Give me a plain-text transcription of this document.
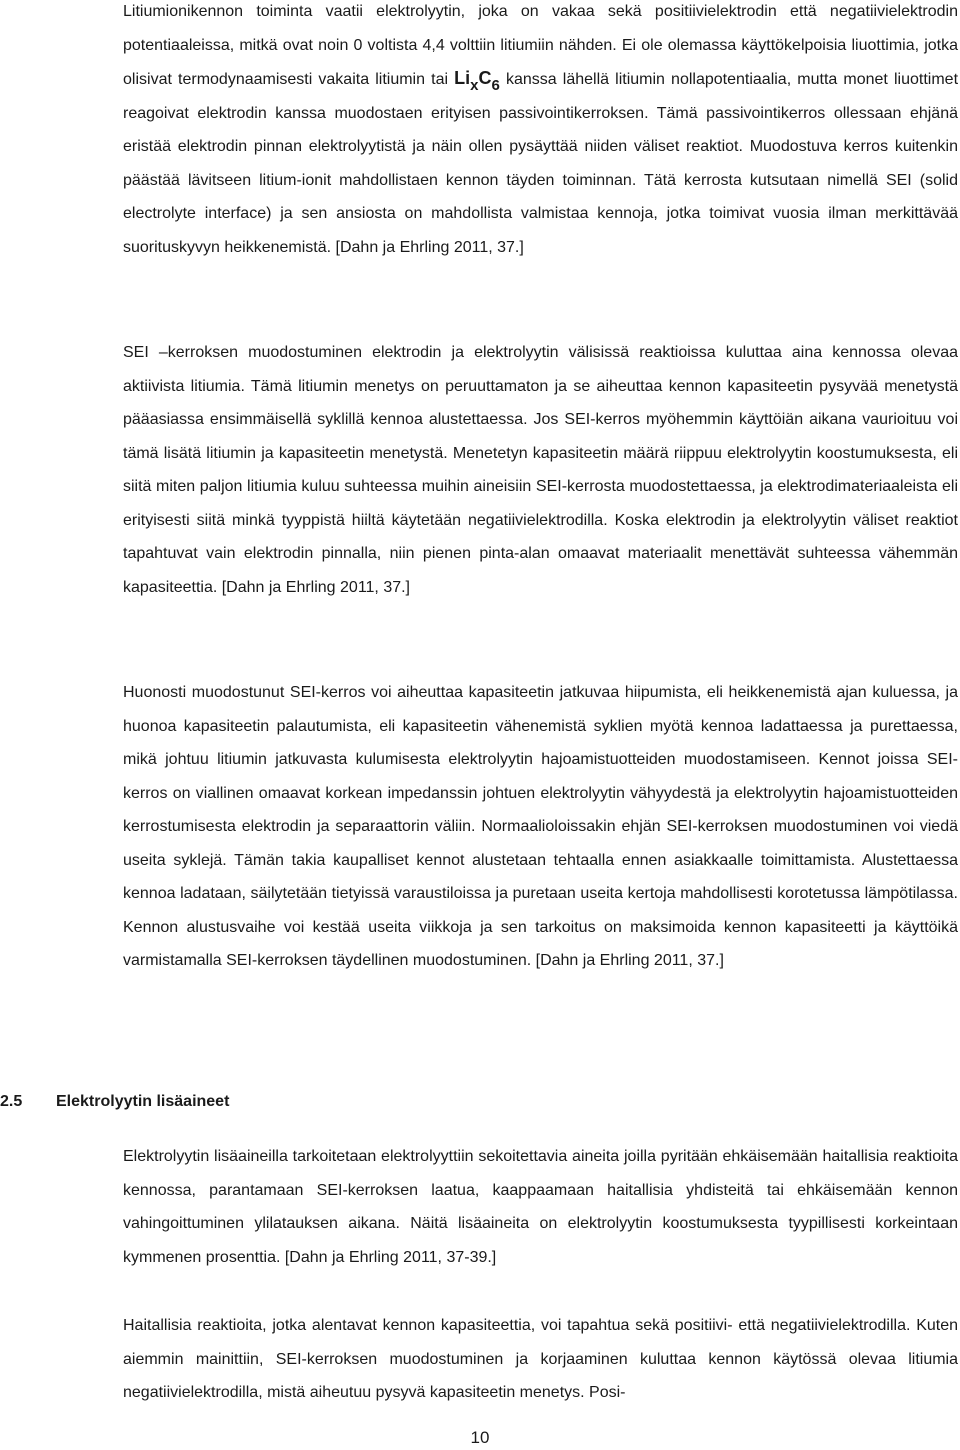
Litiumionikennon toiminta vaatii elektrolyytin, joka on vakaa sekä positiivielektrodin että negatiivielektrodin potentiaaleissa, mitkä ovat noin 0 voltista 4,4 volttiin litiumiin nähden. Ei ole olemassa käyttökelpoisia liuottimia, jotka olisivat termodynaamisesti vakaita litiumin tai $Li_xC_6$ kanssa lähellä litiumin nollapotentiaalia, mutta monet liuottimet reagoivat elektrodin kanssa muodostaen erityisen passivointikerroksen. Tämä passivointikerros ollessaan ehjänä eristää elektrodin pinnan elektrolyytistä ja näin ollen pysäyttää niiden väliset reaktiot. Muodostuva kerros kuitenkin päästää lävitseen litium-ionit mahdollistaen kennon täyden toiminnan. Tätä kerrosta kutsutaan nimellä SEI (solid electrolyte interface) ja sen ansiosta on mahdollista valmistaa kennoja, jotka toimivat vuosia ilman merkittävää suorituskyvyn heikkenemistä. [Dahn ja Ehrling 2011, 37.]

SEI –kerroksen muodostuminen elektrodin ja elektrolyytin välisissä reaktioissa kuluttaa aina kennossa olevaa aktiivista litiumia. Tämä litiumin menetys on peruuttamaton ja se aiheuttaa kennon kapasiteetin pysyvää menetystä pääasiassa ensimmäisellä syklillä kennoa alustettaessa. Jos SEI-kerros myöhemmin käyttöiän aikana vaurioituu voi tämä lisätä litiumin ja kapasiteetin menetystä. Menetetyn kapasiteetin määrä riippuu elektrolyytin koostumuksesta, eli siitä miten paljon litiumia kuluu suhteessa muihin aineisiin SEI-kerrosta muodostettaessa, ja elektrodimateriaaleista eli erityisesti siitä minkä tyyppistä hiiltä käytetään negatiivielektrodilla. Koska elektrodin ja elektrolyytin väliset reaktiot tapahtuvat vain elektrodin pinnalla, niin pienen pinta-alan omaavat materiaalit menettävät suhteessa vähemmän kapasiteettia. [Dahn ja Ehrling 2011, 37.]

Huonosti muodostunut SEI-kerros voi aiheuttaa kapasiteetin jatkuvaa hiipumista, eli heikkenemistä ajan kuluessa, ja huonoa kapasiteetin palautumista, eli kapasiteetin vähenemistä syklien myötä kennoa ladattaessa ja purettaessa, mikä johtuu litiumin jatkuvasta kulumisesta elektrolyytin hajoamistuotteiden muodostamiseen. Kennot joissa SEI-kerros on viallinen omaavat korkean impedanssin johtuen elektrolyytin vähyydestä ja elektrolyytin hajoamistuotteiden kerrostumisesta elektrodin ja separaattorin väliin. Normaalioloissakin ehjän SEI-kerroksen muodostuminen voi viedä useita syklejä. Tämän takia kaupalliset kennot alustetaan tehtaalla ennen asiakkaalle toimittamista. Alustettaessa kennoa ladataan, säilytetään tietyissä varaustiloissa ja puretaan useita kertoja mahdollisesti korotetussa lämpötilassa. Kennon alustusvaihe voi kestää useita viikkoja ja sen tarkoitus on maksimoida kennon kapasiteetti ja käyttöikä varmistamalla SEI-kerroksen täydellinen muodostuminen. [Dahn ja Ehrling 2011, 37.]

2.5 Elektrolyytin lisäaineet

Elektrolyytin lisäaineilla tarkoitetaan elektrolyyttiin sekoitettavia aineita joilla pyritään ehkäisemään haitallisia reaktioita kennossa, parantamaan SEI-kerroksen laatua, kaappaamaan haitallisia yhdisteitä tai ehkäisemään kennon vahingoittuminen ylilatauksen aikana. Näitä lisäaineita on elektrolyytin koostumuksesta tyypillisesti korkeintaan kymmenen prosenttia. [Dahn ja Ehrling 2011, 37-39.]

Haitallisia reaktioita, jotka alentavat kennon kapasiteettia, voi tapahtua sekä positiivi- että negatiivielektrodilla. Kuten aiemmin mainittiin, SEI-kerroksen muodostuminen ja korjaaminen kuluttaa kennon käytössä olevaa litiumia negatiivielektrodilla, mistä aiheutuu pysyvä kapasiteetin menetys. Posi-

10
